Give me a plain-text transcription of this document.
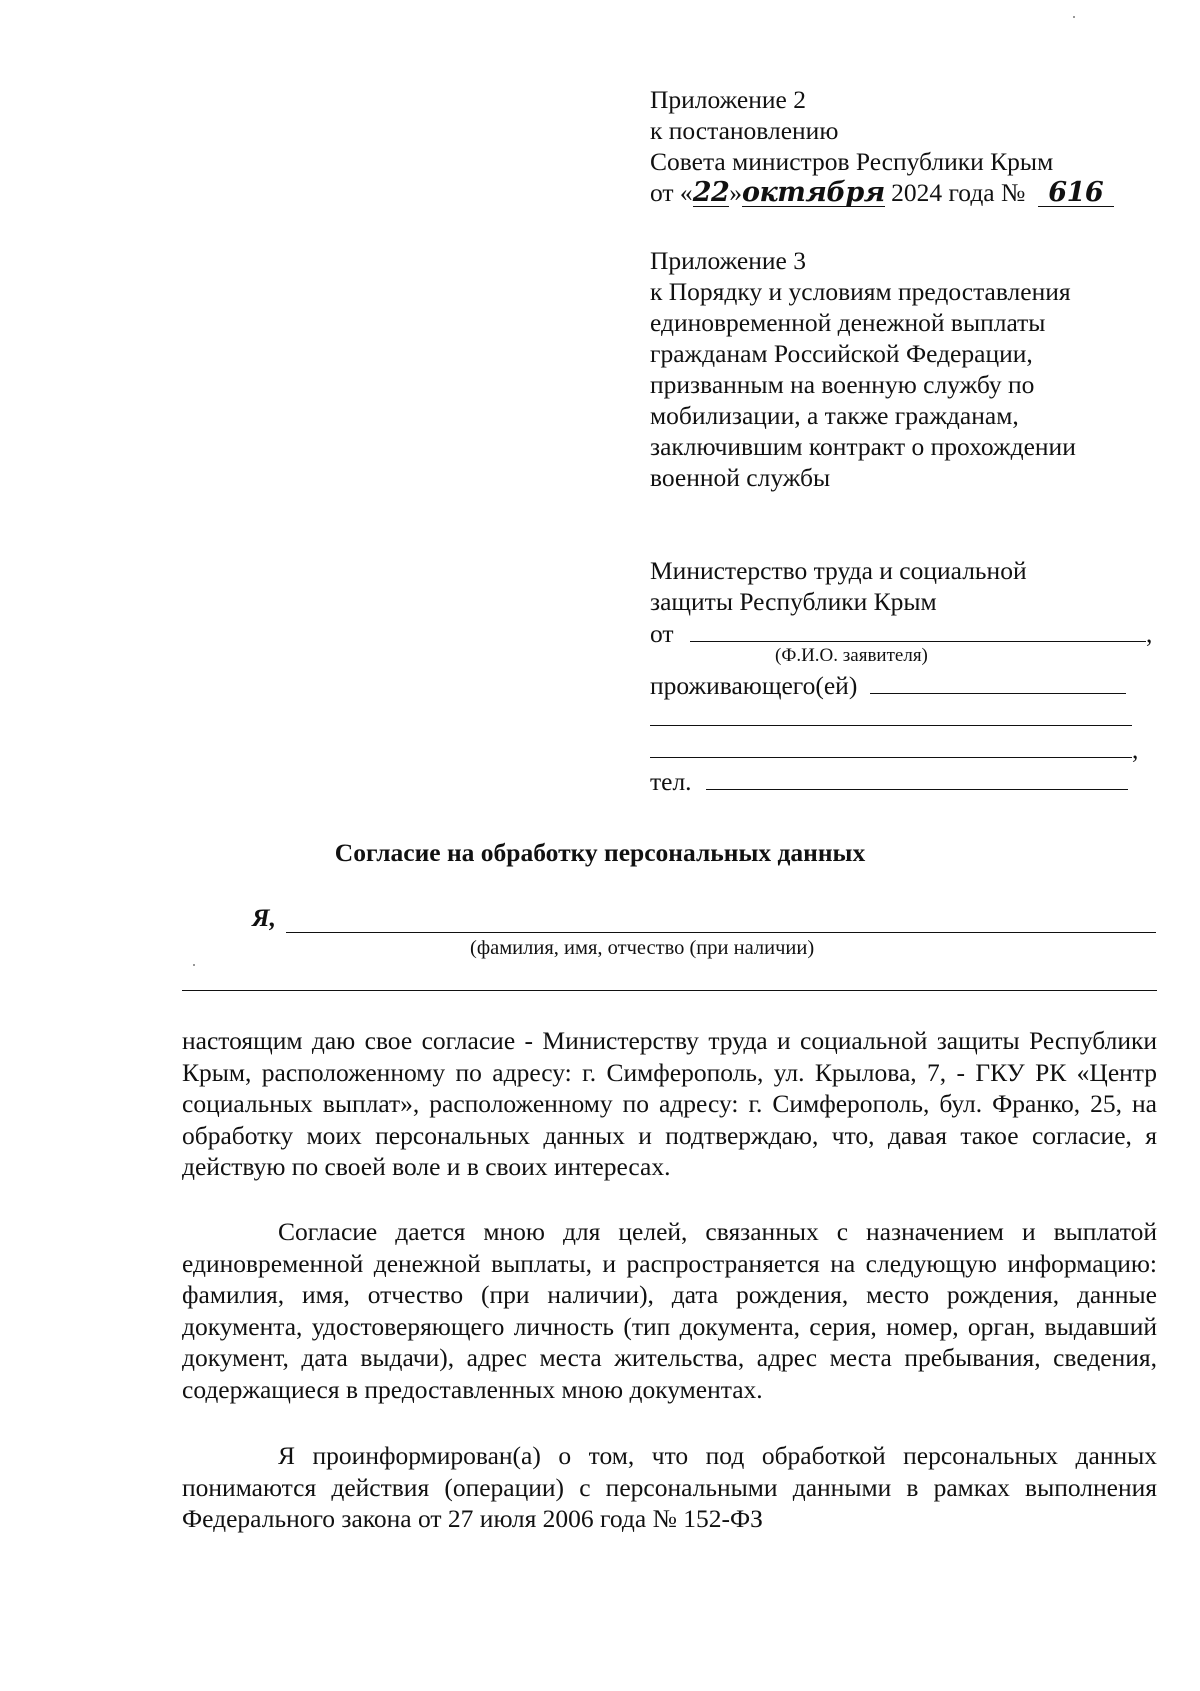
Приложение 2
к постановлению
Совета министров Республики Крым
от «22»октября 2024 года № 616
Приложение 3
к Порядку и условиям предоставления
единовременной денежной выплаты
гражданам Российской Федерации,
призванным на военную службу по
мобилизации, а также гражданам,
заключившим контракт о прохождении
военной службы
Министерство труда и социальной
защиты Республики Крым
от	,
(Ф.И.О. заявителя)
проживающего(ей)
,
тел.
Согласие на обработку персональных данных
Я,
(фамилия, имя, отчество (при наличии)
настоящим даю свое согласие - Министерству труда и социальной защиты Республики Крым, расположенному по адресу: г. Симферополь, ул. Крылова, 7, - ГКУ РК «Центр социальных выплат», расположенному по адресу: г. Симферополь, бул. Франко, 25, на обработку моих персональных данных и подтверждаю, что, давая такое согласие, я действую по своей воле и в своих интересах.
Согласие дается мною для целей, связанных с назначением и выплатой единовременной денежной выплаты, и распространяется на следующую информацию: фамилия, имя, отчество (при наличии), дата рождения, место рождения, данные документа, удостоверяющего личность (тип документа, серия, номер, орган, выдавший документ, дата выдачи), адрес места жительства, адрес места пребывания, сведения, содержащиеся в предоставленных мною документах.
Я проинформирован(а) о том, что под обработкой персональных данных понимаются действия (операции) с персональными данными в рамках выполнения Федерального закона от 27 июля 2006 года № 152-ФЗ
